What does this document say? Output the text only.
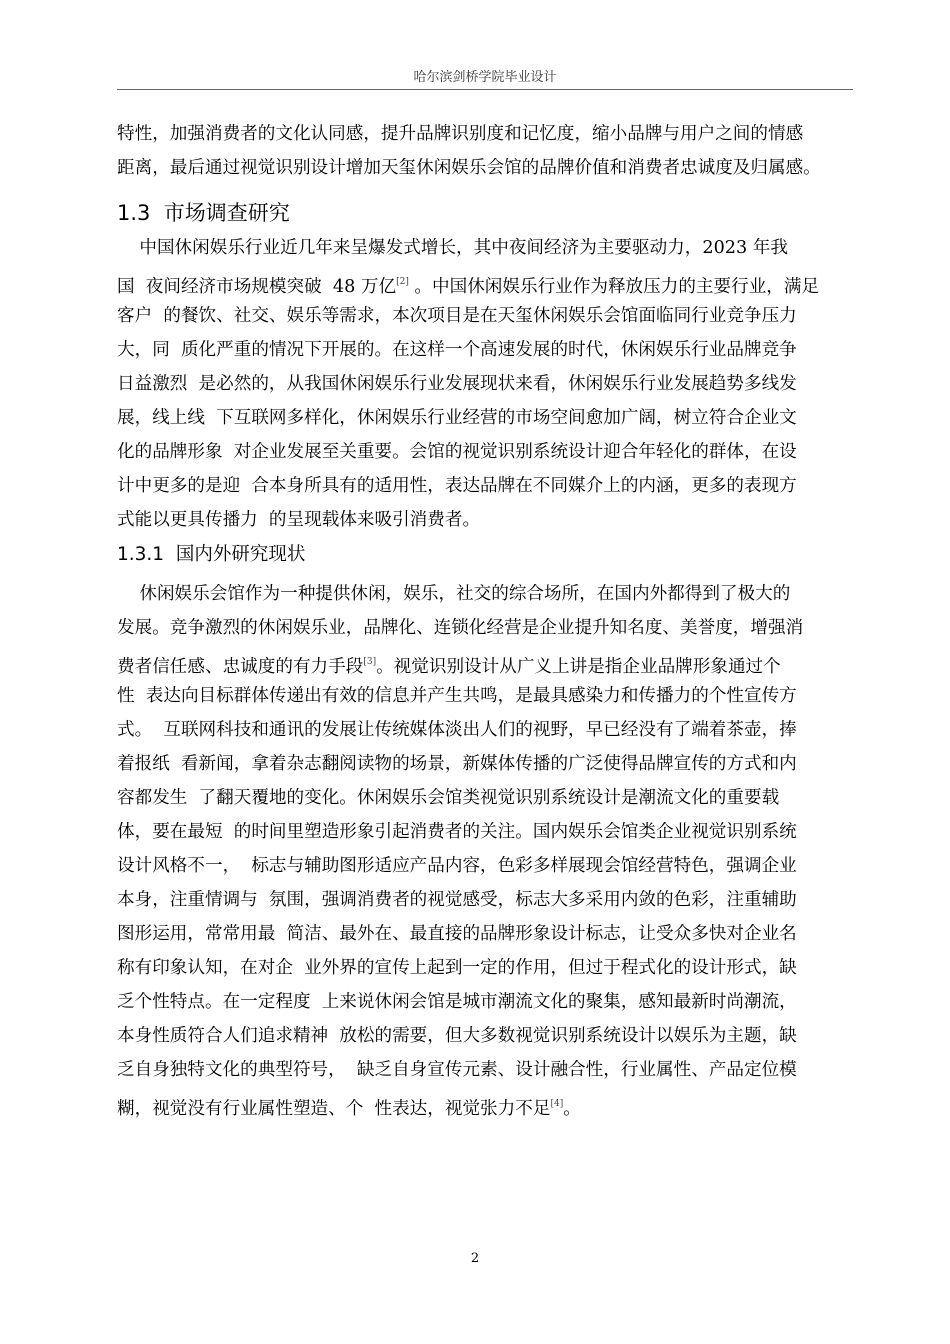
哈尔滨剑桥学院毕业设计
特性，加强消费者的文化认同感，提升品牌识别度和记忆度，缩小品牌与用户之间的情感
距离，最后通过视觉识别设计增加天玺休闲娱乐会馆的品牌价值和消费者忠诚度及归属感。
1.3  市场调查研究
中国休闲娱乐行业近几年来呈爆发式增长，其中夜间经济为主要驱动力，2023 年我
国  夜间经济市场规模突破  48 万亿[2] 。中国休闲娱乐行业作为释放压力的主要行业，满足
客户  的餐饮、社交、娱乐等需求，本次项目是在天玺休闲娱乐会馆面临同行业竞争压力
大，同  质化严重的情况下开展的。在这样一个高速发展的时代，休闲娱乐行业品牌竞争
日益激烈  是必然的，从我国休闲娱乐行业发展现状来看，休闲娱乐行业发展趋势多线发
展，线上线  下互联网多样化，休闲娱乐行业经营的市场空间愈加广阔，树立符合企业文
化的品牌形象  对企业发展至关重要。会馆的视觉识别系统设计迎合年轻化的群体，在设
计中更多的是迎  合本身所具有的适用性，表达品牌在不同媒介上的内涵，更多的表现方
式能以更具传播力  的呈现载体来吸引消费者。
1.3.1  国内外研究现状
休闲娱乐会馆作为一种提供休闲，娱乐，社交的综合场所，在国内外都得到了极大的
发展。竞争激烈的休闲娱乐业，品牌化、连锁化经营是企业提升知名度、美誉度，增强消
费者信任感、忠诚度的有力手段[3]。视觉识别设计从广义上讲是指企业品牌形象通过个
性  表达向目标群体传递出有效的信息并产生共鸣，是最具感染力和传播力的个性宣传方
式。  互联网科技和通讯的发展让传统媒体淡出人们的视野，早已经没有了端着茶壶，捧
着报纸  看新闻，拿着杂志翻阅读物的场景，新媒体传播的广泛使得品牌宣传的方式和内
容都发生  了翻天覆地的变化。休闲娱乐会馆类视觉识别系统设计是潮流文化的重要载
体，要在最短  的时间里塑造形象引起消费者的关注。国内娱乐会馆类企业视觉识别系统
设计风格不一，  标志与辅助图形适应产品内容，色彩多样展现会馆经营特色，强调企业
本身，注重情调与  氛围，强调消费者的视觉感受，标志大多采用内敛的色彩，注重辅助
图形运用，常常用最  简洁、最外在、最直接的品牌形象设计标志，让受众多快对企业名
称有印象认知，在对企  业外界的宣传上起到一定的作用，但过于程式化的设计形式，缺
乏个性特点。在一定程度  上来说休闲会馆是城市潮流文化的聚集，感知最新时尚潮流，
本身性质符合人们追求精神  放松的需要，但大多数视觉识别系统设计以娱乐为主题，缺
乏自身独特文化的典型符号，  缺乏自身宣传元素、设计融合性，行业属性、产品定位模
糊，视觉没有行业属性塑造、个  性表达，视觉张力不足[4]。
2
